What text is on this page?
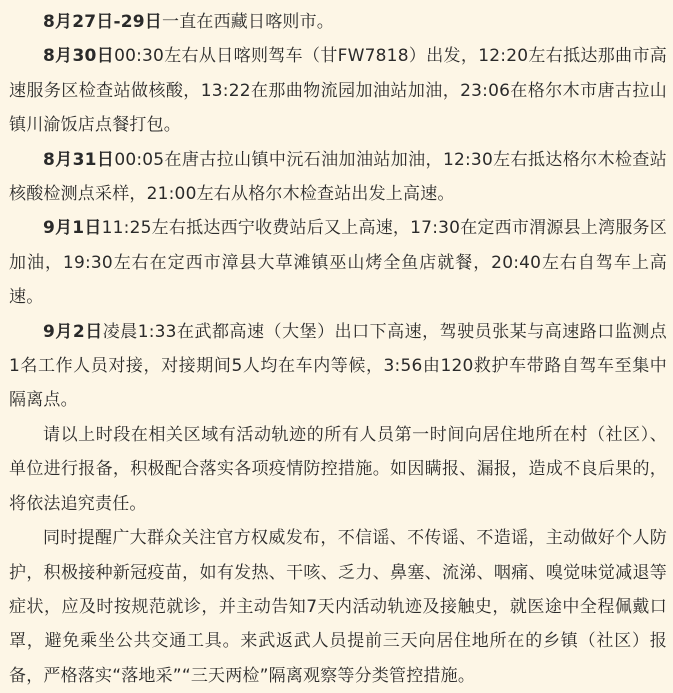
8月27日-29日一直在西藏日喀则市。

8月30日00:30左右从日喀则驾车（甘FW7818）出发，12:20左右抵达那曲市高速服务区检查站做核酸，13:22在那曲物流园加油站加油，23:06在格尔木市唐古拉山镇川渝饭店点餐打包。

8月31日00:05在唐古拉山镇中沅石油加油站加油，12:30左右抵达格尔木检查站核酸检测点采样，21:00左右从格尔木检查站出发上高速。

9月1日11:25左右抵达西宁收费站后又上高速，17:30在定西市渭源县上湾服务区加油，19:30左右在定西市漳县大草滩镇巫山烤全鱼店就餐，20:40左右自驾车上高速。

9月2日凌晨1:33在武都高速（大堡）出口下高速，驾驶员张某与高速路口监测点1名工作人员对接，对接期间5人均在车内等候，3:56由120救护车带路自驾车至集中隔离点。

请以上时段在相关区域有活动轨迹的所有人员第一时间向居住地所在村（社区）、单位进行报备，积极配合落实各项疫情防控措施。如因瞒报、漏报，造成不良后果的，将依法追究责任。

同时提醒广大群众关注官方权威发布，不信谣、不传谣、不造谣，主动做好个人防护，积极接种新冠疫苗，如有发热、干咳、乏力、鼻塞、流涕、咽痛、嗅觉味觉减退等症状，应及时按规范就诊，并主动告知7天内活动轨迹及接触史，就医途中全程佩戴口罩，避免乘坐公共交通工具。来武返武人员提前三天向居住地所在的乡镇（社区）报备，严格落实“落地采”“三天两检”隔离观察等分类管控措施。
